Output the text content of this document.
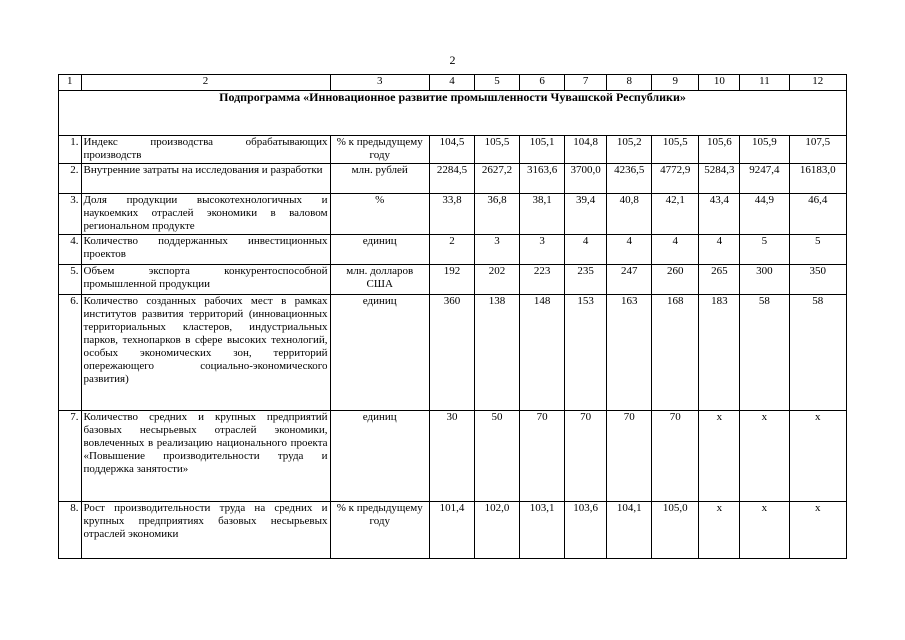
2
1	2	3	4	5	6	7	8	9	10	11	12
Подпрограмма «Инновационное развитие промышленности Чувашской Республики»											
1.	Индекс производства обрабатывающих производств	% к предыдущему году	104,5	105,5	105,1	104,8	105,2	105,5	105,6	105,9	107,5
2.	Внутренние затраты на исследования и разработки	млн. рублей	2284,5	2627,2	3163,6	3700,0	4236,5	4772,9	5284,3	9247,4	16183,0
3.	Доля продукции высокотехнологичных и наукоемких отраслей экономики в валовом региональном продукте	%	33,8	36,8	38,1	39,4	40,8	42,1	43,4	44,9	46,4
4.	Количество поддержанных инвестиционных проектов	единиц	2	3	3	4	4	4	4	5	5
5.	Объем экспорта конкурентоспособной промышленной продукции	млн. долларов США	192	202	223	235	247	260	265	300	350
6.	Количество созданных рабочих мест в рамках институтов развития территорий (инновационных территориальных кластеров, индустриальных парков, технопарков в сфере высоких технологий, особых экономических зон, территорий опережающего социально-экономического развития)	единиц	360	138	148	153	163	168	183	58	58
7.	Количество средних и крупных предприятий базовых несырьевых отраслей экономики, вовлеченных в реализацию национального проекта «Повышение производительности труда и поддержка занятости»	единиц	30	50	70	70	70	70	х	х	х
8.	Рост производительности труда на средних и крупных предприятиях базовых несырьевых отраслей экономики	% к предыдущему году	101,4	102,0	103,1	103,6	104,1	105,0	х	х	х
